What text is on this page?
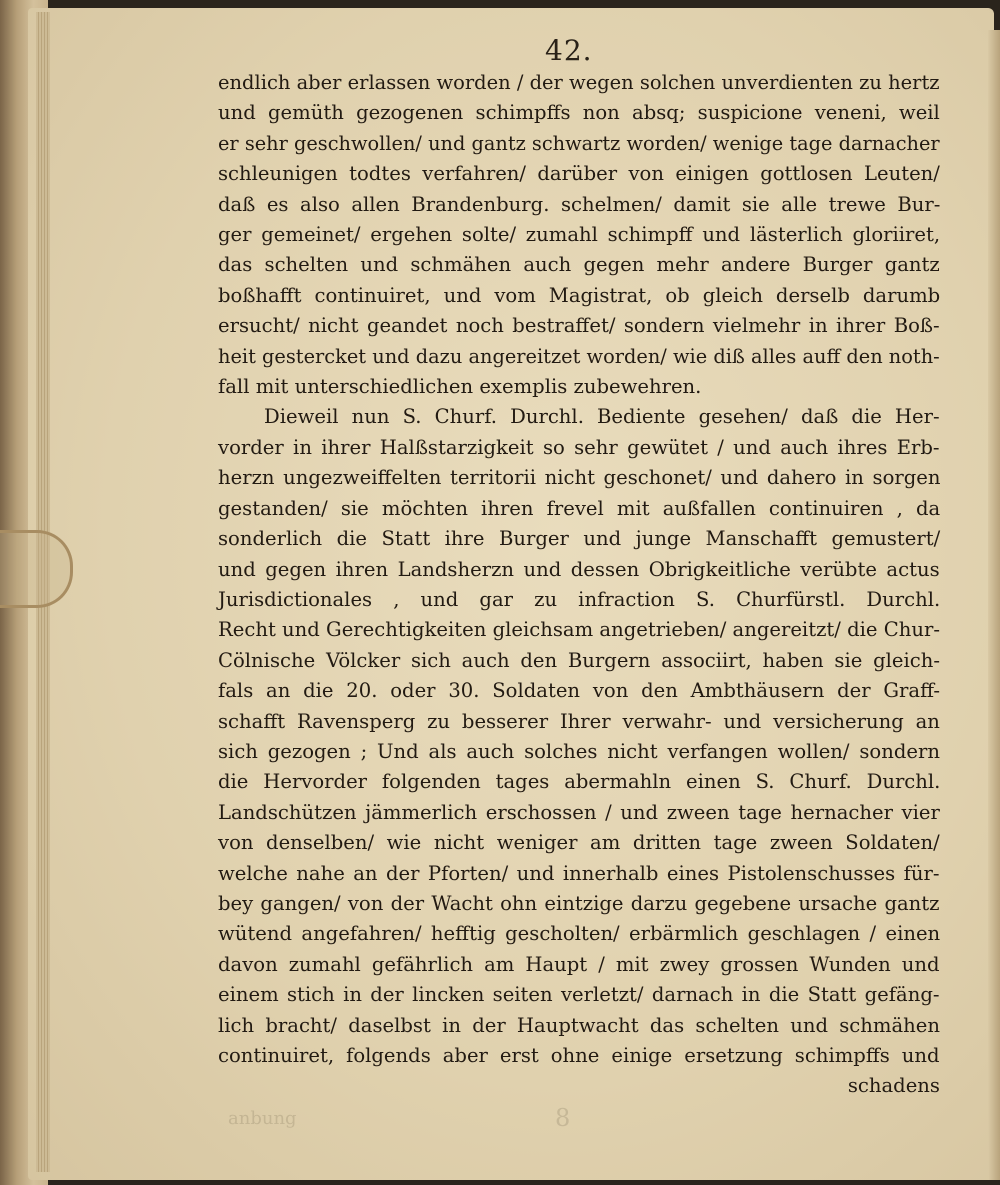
42.
endlich aber erlassen worden / der wegen solchen unverdienten zu hertz
und gemüth gezogenen schimpffs non absq; suspicione veneni, weil
er sehr geschwollen/ und gantz schwartz worden/ wenige tage darnacher
schleunigen todtes verfahren/ darüber von einigen gottlosen Leuten/
daß es also allen Brandenburg. schelmen/ damit sie alle trewe Bur-
ger gemeinet/ ergehen solte/ zumahl schimpff und lästerlich gloriiret,
das schelten und schmähen auch gegen mehr andere Burger gantz
boßhafft continuiret, und vom Magistrat, ob gleich derselb darumb
ersucht/ nicht geandet noch bestraffet/ sondern vielmehr in ihrer Boß-
heit gestercket und dazu angereitzet worden/ wie diß alles auff den noth-
fall mit unterschiedlichen exemplis zubewehren.
Dieweil nun S. Churf. Durchl. Bediente gesehen/ daß die Her-
vorder in ihrer Halßstarzigkeit so sehr gewütet / und auch ihres Erb-
herzn ungezweiffelten territorii nicht geschonet/ und dahero in sorgen
gestanden/ sie möchten ihren frevel mit außfallen continuiren , da
sonderlich die Statt ihre Burger und junge Manschafft gemustert/
und gegen ihren Landsherzn und dessen Obrigkeitliche verübte actus
Jurisdictionales , und gar zu infraction S. Churfürstl. Durchl.
Recht und Gerechtigkeiten gleichsam angetrieben/ angereitzt/ die Chur-
Cölnische Völcker sich auch den Burgern associirt, haben sie gleich-
fals an die 20. oder 30. Soldaten von den Ambthäusern der Graff-
schafft Ravensperg zu besserer Ihrer verwahr- und versicherung an
sich gezogen ; Und als auch solches nicht verfangen wollen/ sondern
die Hervorder folgenden tages abermahln einen S. Churf. Durchl.
Landschützen jämmerlich erschossen / und zween tage hernacher vier
von denselben/ wie nicht weniger am dritten tage zween Soldaten/
welche nahe an der Pforten/ und innerhalb eines Pistolenschusses für-
bey gangen/ von der Wacht ohn eintzige darzu gegebene ursache gantz
wütend angefahren/ hefftig gescholten/ erbärmlich geschlagen / einen
davon zumahl gefährlich am Haupt / mit zwey grossen Wunden und
einem stich in der lincken seiten verletzt/ darnach in die Statt gefäng-
lich bracht/ daselbst in der Hauptwacht das schelten und schmähen
continuiret, folgends aber erst ohne einige ersetzung schimpffs und
schadens
anbung	8
